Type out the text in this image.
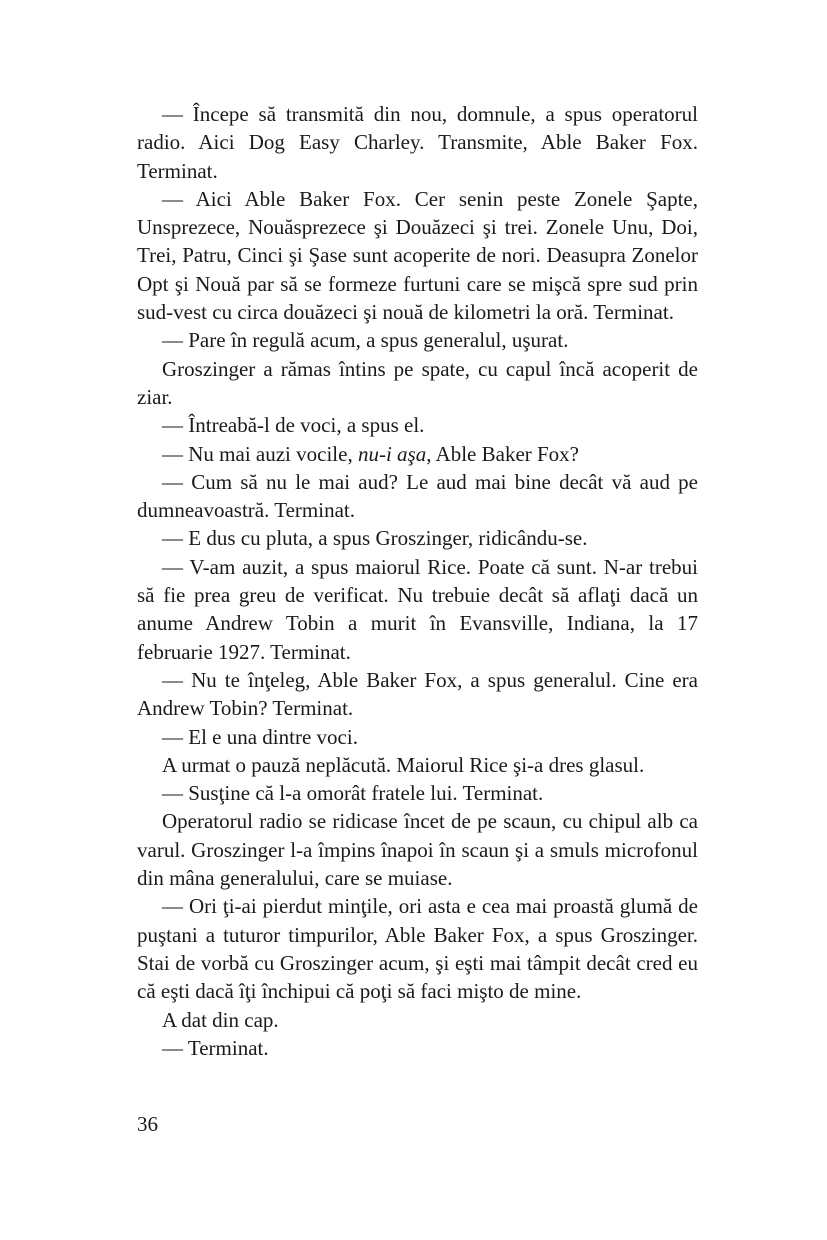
— Începe să transmită din nou, domnule, a spus operatorul radio. Aici Dog Easy Charley. Transmite, Able Baker Fox. Terminat.

— Aici Able Baker Fox. Cer senin peste Zonele Şapte, Unsprezece, Nouăsprezece şi Douăzeci şi trei. Zonele Unu, Doi, Trei, Patru, Cinci şi Şase sunt acoperite de nori. Deasupra Zonelor Opt şi Nouă par să se formeze furtuni care se mişcă spre sud prin sud-vest cu circa douăzeci şi nouă de kilometri la oră. Terminat.

— Pare în regulă acum, a spus generalul, uşurat.

Groszinger a rămas întins pe spate, cu capul încă acoperit de ziar.

— Întreabă-l de voci, a spus el.

— Nu mai auzi vocile, nu-i aşa, Able Baker Fox?

— Cum să nu le mai aud? Le aud mai bine decât vă aud pe dumneavoastră. Terminat.

— E dus cu pluta, a spus Groszinger, ridicându-se.

— V-am auzit, a spus maiorul Rice. Poate că sunt. N-ar trebui să fie prea greu de verificat. Nu trebuie decât să aflaţi dacă un anume Andrew Tobin a murit în Evansville, Indiana, la 17 februarie 1927. Terminat.

— Nu te înţeleg, Able Baker Fox, a spus generalul. Cine era Andrew Tobin? Terminat.

— El e una dintre voci.

A urmat o pauză neplăcută. Maiorul Rice şi-a dres glasul.

— Susţine că l-a omorât fratele lui. Terminat.

Operatorul radio se ridicase încet de pe scaun, cu chipul alb ca varul. Groszinger l-a împins înapoi în scaun şi a smuls microfonul din mâna generalului, care se muiase.

— Ori ţi-ai pierdut minţile, ori asta e cea mai proastă glumă de puştani a tuturor timpurilor, Able Baker Fox, a spus Groszinger. Stai de vorbă cu Groszinger acum, şi eşti mai tâmpit decât cred eu că eşti dacă îţi închipui că poţi să faci mişto de mine.

A dat din cap.

— Terminat.

36
